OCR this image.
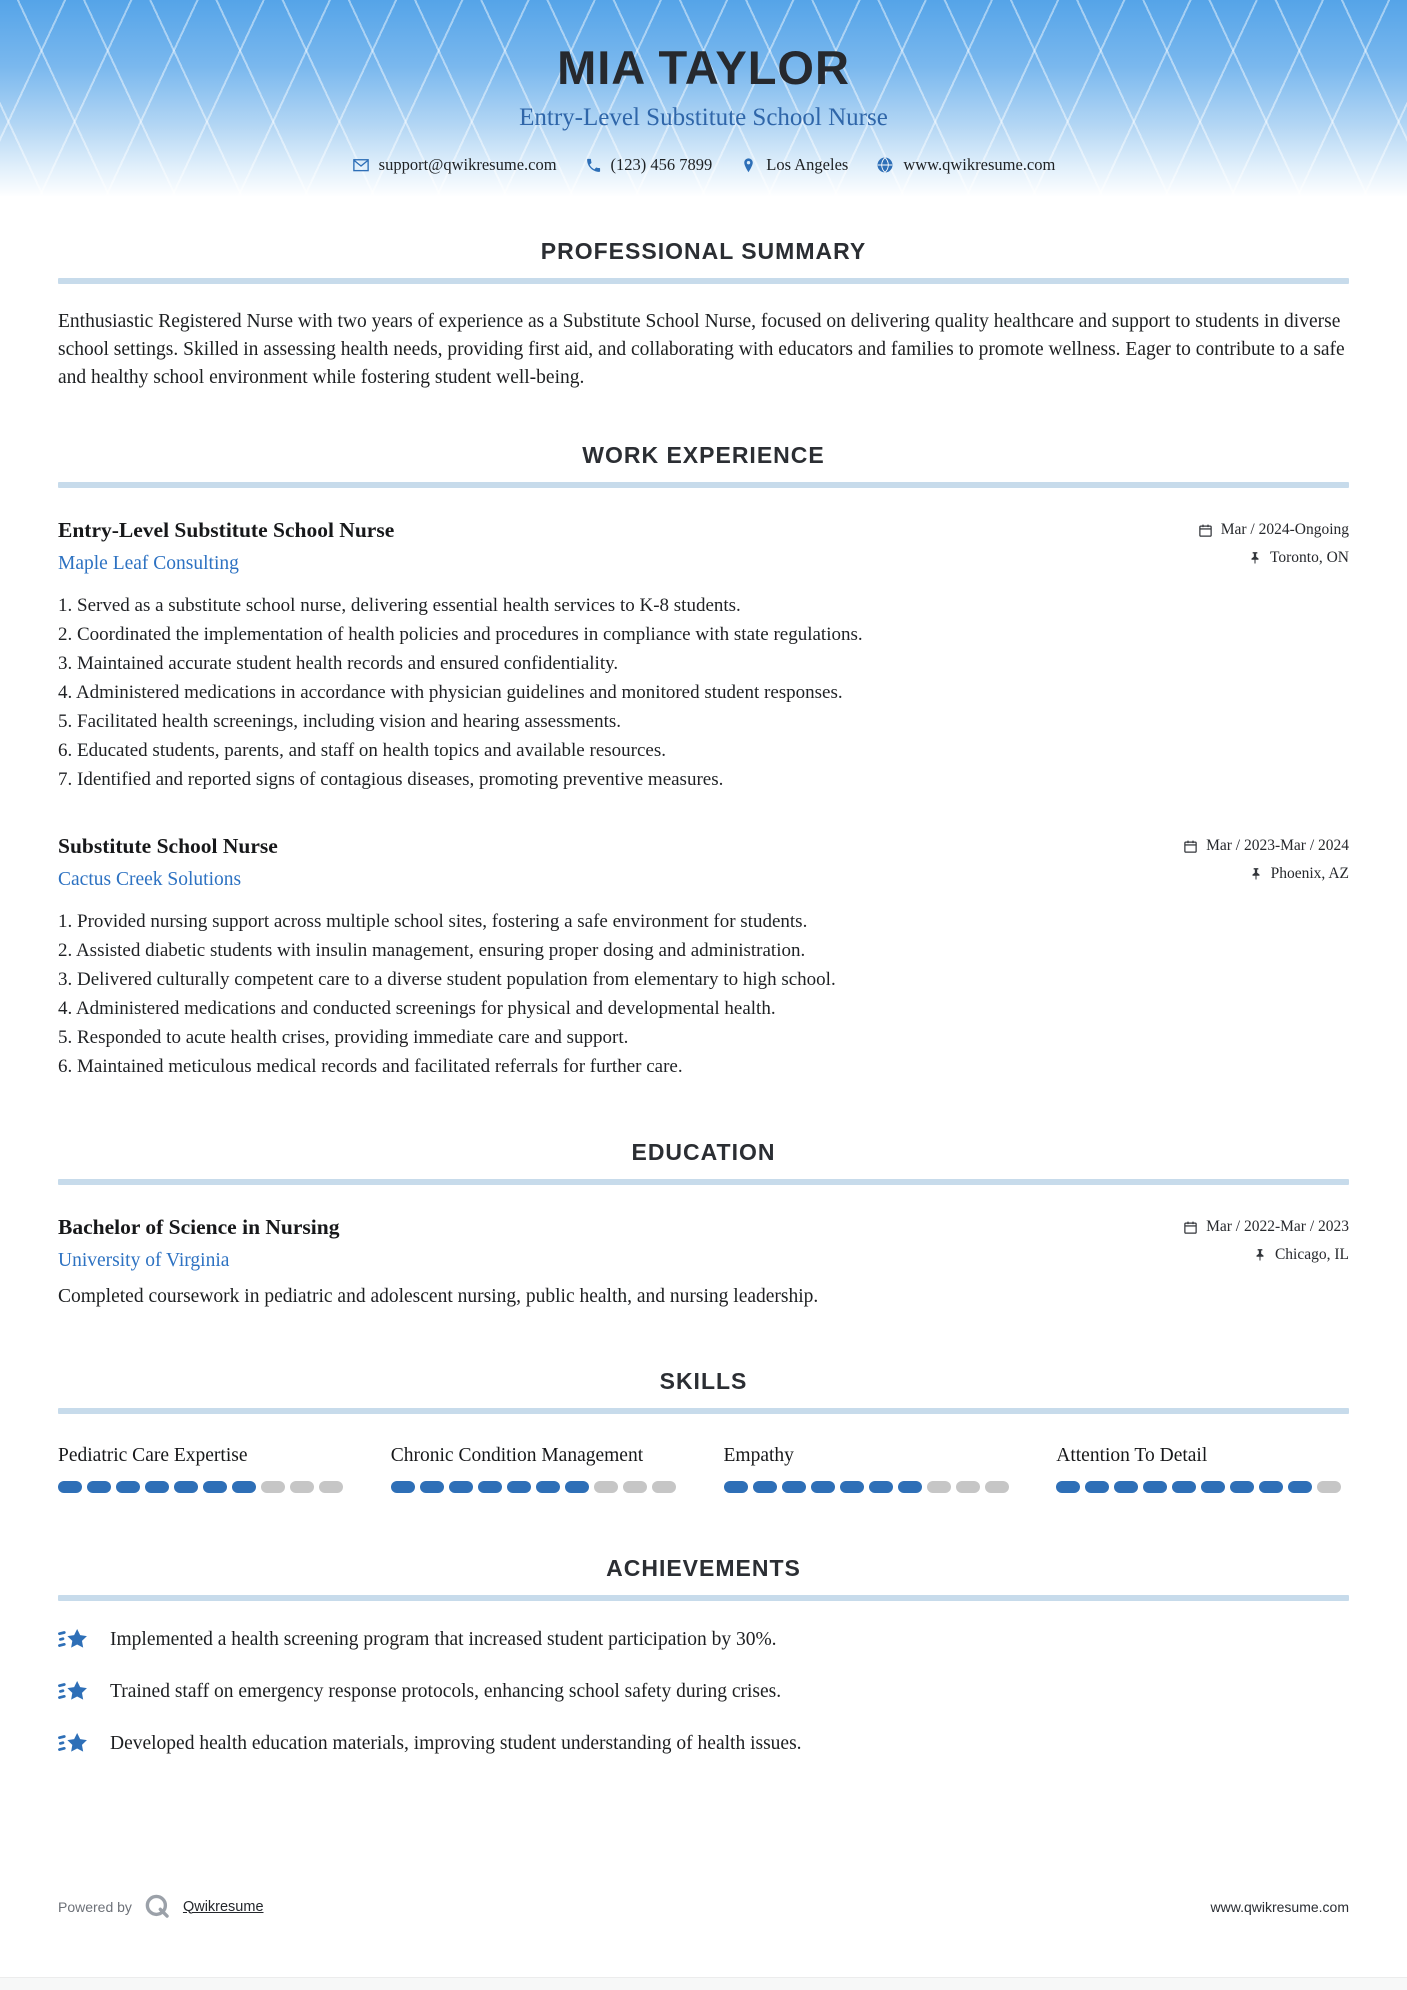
MIA TAYLOR
Entry-Level Substitute School Nurse
support@qwikresume.com	(123) 456 7899	Los Angeles	www.qwikresume.com
PROFESSIONAL SUMMARY

Enthusiastic Registered Nurse with two years of experience as a Substitute School Nurse, focused on delivering quality healthcare and support to students in diverse school settings. Skilled in assessing health needs, providing first aid, and collaborating with educators and families to promote wellness. Eager to contribute to a safe and healthy school environment while fostering student well-being.

WORK EXPERIENCE
Entry-Level Substitute School Nurse
Maple Leaf Consulting
Mar / 2024-Ongoing
Toronto, ON
Served as a substitute school nurse, delivering essential health services to K-8 students.
Coordinated the implementation of health policies and procedures in compliance with state regulations.
Maintained accurate student health records and ensured confidentiality.
Administered medications in accordance with physician guidelines and monitored student responses.
Facilitated health screenings, including vision and hearing assessments.
Educated students, parents, and staff on health topics and available resources.
Identified and reported signs of contagious diseases, promoting preventive measures.
Substitute School Nurse
Cactus Creek Solutions
Mar / 2023-Mar / 2024
Phoenix, AZ
Provided nursing support across multiple school sites, fostering a safe environment for students.
Assisted diabetic students with insulin management, ensuring proper dosing and administration.
Delivered culturally competent care to a diverse student population from elementary to high school.
Administered medications and conducted screenings for physical and developmental health.
Responded to acute health crises, providing immediate care and support.
Maintained meticulous medical records and facilitated referrals for further care.
EDUCATION
Bachelor of Science in Nursing
University of Virginia
Mar / 2022-Mar / 2023
Chicago, IL

Completed coursework in pediatric and adolescent nursing, public health, and nursing leadership.

SKILLS
Pediatric Care Expertise	Chronic Condition Management	Empathy	Attention To Detail
ACHIEVEMENTS
Implemented a health screening program that increased student participation by 30%.
Trained staff on emergency response protocols, enhancing school safety during crises.
Developed health education materials, improving student understanding of health issues.
Powered by	Qwikresume	www.qwikresume.com
